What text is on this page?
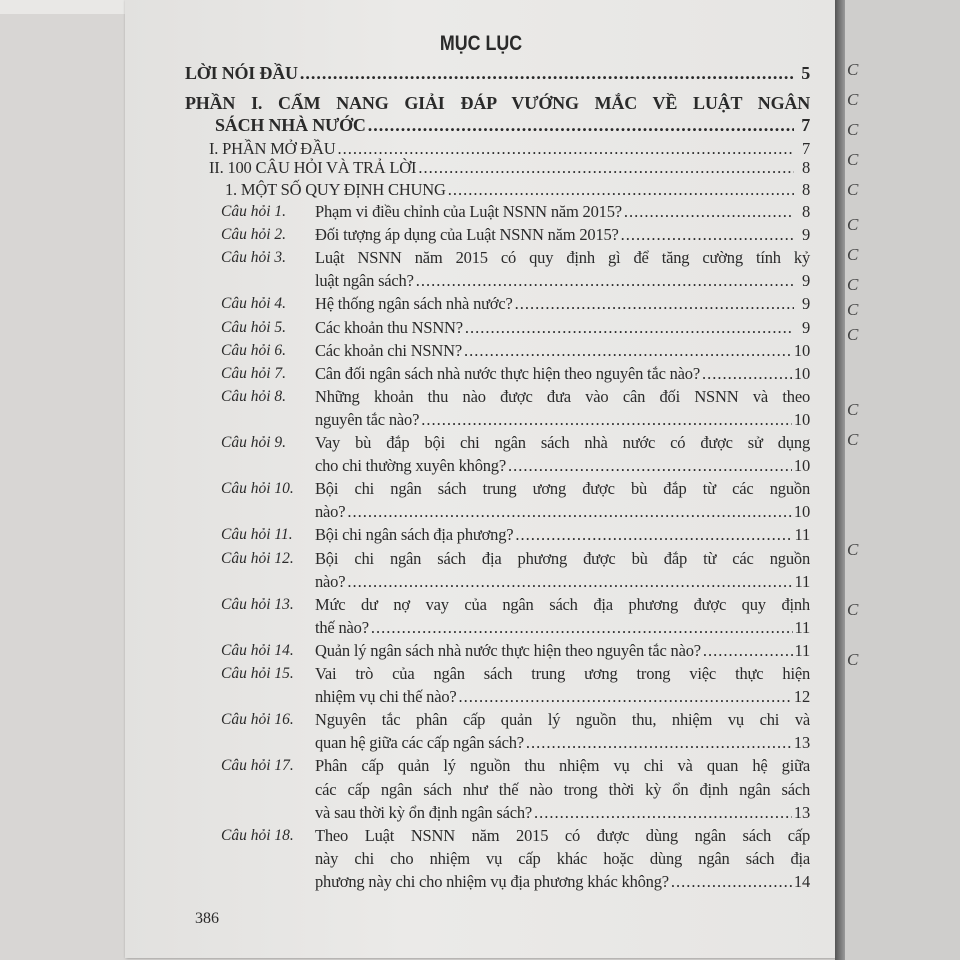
MỤC LỤC
386
LỜI NÓI ĐẦU .....	5
PHẦN I. CẨM NANG GIẢI ĐÁP VƯỚNG MẮC VỀ LUẬT NGÂN
SÁCH NHÀ NƯỚC .....	7
I. PHẦN MỞ ĐẦU .....	7
II. 100 CÂU HỎI VÀ TRẢ LỜI .....	8
1. MỘT SỐ QUY ĐỊNH CHUNG .....	8
Câu hỏi 1.	Phạm vi điều chỉnh của Luật NSNN năm 2015? .....	8
Câu hỏi 2.	Đối tượng áp dụng của Luật NSNN năm 2015? .....	9
Câu hỏi 3.	Luật NSNN năm 2015 có quy định gì để tăng cường tính kỷ
luật ngân sách? .....	9
Câu hỏi 4.	Hệ thống ngân sách nhà nước? .....	9
Câu hỏi 5.	Các khoản thu NSNN? .....	9
Câu hỏi 6.	Các khoản chi NSNN? .....	10
Câu hỏi 7.	Cân đối ngân sách nhà nước thực hiện theo nguyên tắc nào? .....	10
Câu hỏi 8.	Những khoản thu nào được đưa vào cân đối NSNN và theo
nguyên tắc nào? .....	10
Câu hỏi 9.	Vay bù đắp bội chi ngân sách nhà nước có được sử dụng
cho chi thường xuyên không? .....	10
Câu hỏi 10.	Bội chi ngân sách trung ương được bù đắp từ các nguồn
nào? .....	10
Câu hỏi 11.	Bội chi ngân sách địa phương? .....	11
Câu hỏi 12.	Bội chi ngân sách địa phương được bù đắp từ các nguồn
nào? .....	11
Câu hỏi 13.	Mức dư nợ vay của ngân sách địa phương được quy định
thế nào? .....	11
Câu hỏi 14.	Quản lý ngân sách nhà nước thực hiện theo nguyên tắc nào? .....	11
Câu hỏi 15.	Vai trò của ngân sách trung ương trong việc thực hiện
nhiệm vụ chi thế nào? .....	12
Câu hỏi 16.	Nguyên tắc phân cấp quản lý nguồn thu, nhiệm vụ chi và
quan hệ giữa các cấp ngân sách? .....	13
Câu hỏi 17.	Phân cấp quản lý nguồn thu nhiệm vụ chi và quan hệ giữa
các cấp ngân sách như thế nào trong thời kỳ ổn định ngân sách
và sau thời kỳ ổn định ngân sách? .....	13
Câu hỏi 18.	Theo Luật NSNN năm 2015 có được dùng ngân sách cấp
này chi cho nhiệm vụ cấp khác hoặc dùng ngân sách địa
phương này chi cho nhiệm vụ địa phương khác không? .....	14
C
C
C
C
C
C
C
C
C
C
C
C
C
C
C
